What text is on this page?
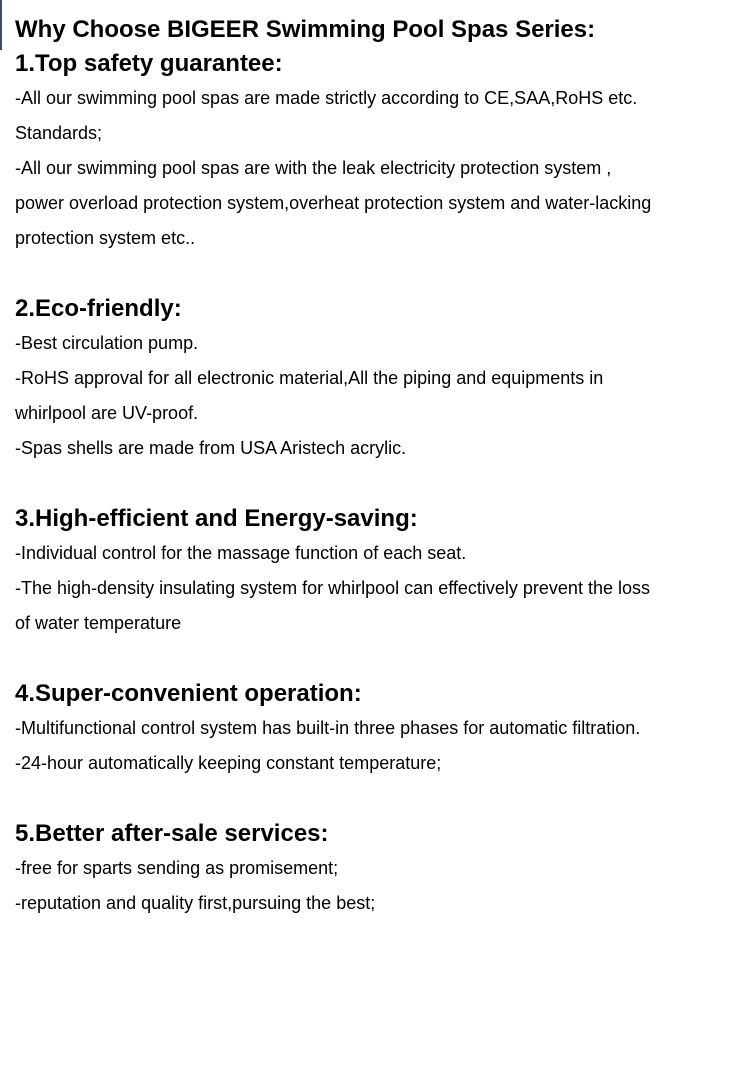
Why Choose BIGEER Swimming Pool Spas Series:
1.Top safety guarantee:

-All our swimming pool spas are made strictly according to CE,SAA,RoHS etc.

Standards;

-All our swimming pool spas are with the leak electricity protection system ,

power overload protection system,overheat protection system and water-lacking

protection system etc..

2.Eco-friendly:

-Best circulation pump.

-RoHS approval for all electronic material,All the piping and equipments in

whirlpool are UV-proof.

-Spas shells are made from USA Aristech acrylic.

3.High-efficient and Energy-saving:

-Individual control for the massage function of each seat.

-The high-density insulating system for whirlpool can effectively prevent the loss

of water temperature

4.Super-convenient operation:

-Multifunctional control system has built-in three phases for automatic filtration.

-24-hour automatically keeping constant temperature;

5.Better after-sale services:

-free for sparts sending as promisement;

-reputation and quality first,pursuing the best;
